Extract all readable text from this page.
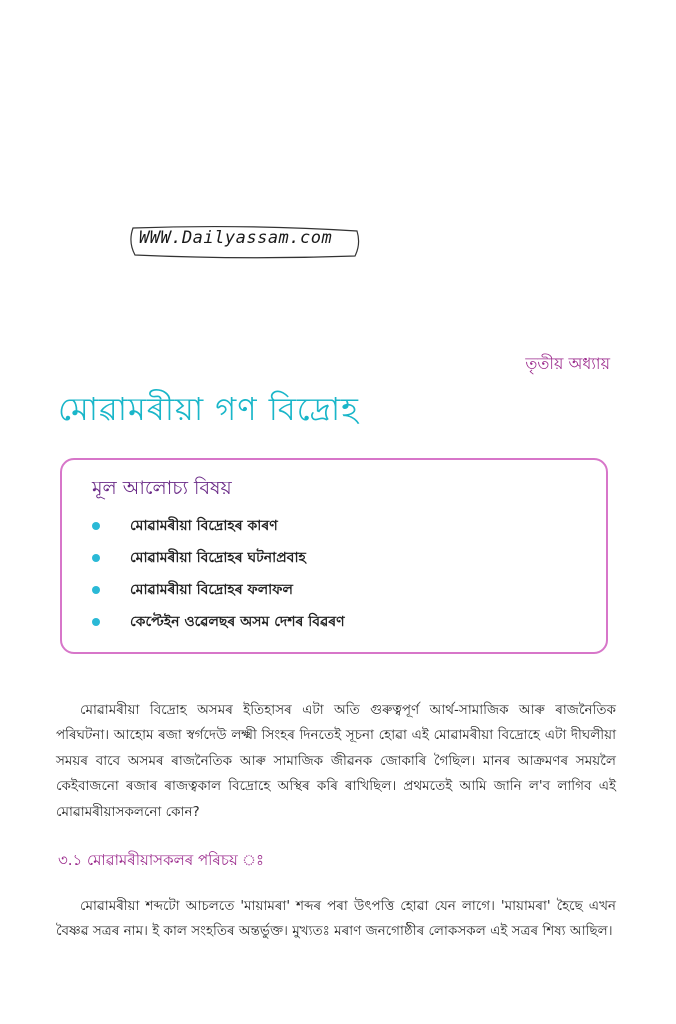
WWW.Dailyassam.com
তৃতীয় অধ্যায়
মোৱামৰীয়া গণ বিদ্ৰোহ
মূল আলোচ্য বিষয়
মোৱামৰীয়া বিদ্ৰোহৰ কাৰণ
মোৱামৰীয়া বিদ্ৰোহৰ ঘটনাপ্ৰবাহ
মোৱামৰীয়া বিদ্ৰোহৰ ফলাফল
কেপ্টেইন ওৱেলছৰ অসম দেশৰ বিৱৰণ

মোৱামৰীয়া বিদ্ৰোহ অসমৰ ইতিহাসৰ এটা অতি গুৰুত্বপূৰ্ণ আৰ্থ-সামাজিক আৰু ৰাজনৈতিক পৰিঘটনা। আহোম ৰজা স্বৰ্গদেউ লক্ষ্মী সিংহৰ দিনতেই সূচনা হোৱা এই মোৱামৰীয়া বিদ্ৰোহে এটা দীঘলীয়া সময়ৰ বাবে অসমৰ ৰাজনৈতিক আৰু সামাজিক জীৱনক জোকাৰি গৈছিল। মানৰ আক্ৰমণৰ সময়লৈ কেইবাজনো ৰজাৰ ৰাজত্বকাল বিদ্ৰোহে অস্থিৰ কৰি ৰাখিছিল। প্ৰথমতেই আমি জানি ল'ব লাগিব এই মোৱামৰীয়াসকলনো কোন?

৩.১ মোৱামৰীয়াসকলৰ পৰিচয় ঃ

মোৱামৰীয়া শব্দটো আচলতে 'মায়ামৰা' শব্দৰ পৰা উৎপত্তি হোৱা যেন লাগে। 'মায়ামৰা' হৈছে এখন বৈষ্ণৱ সত্ৰৰ নাম। ই কাল সংহতিৰ অন্তৰ্ভুক্ত। মুখ্যতঃ মৰাণ জনগোষ্ঠীৰ লোকসকল এই সত্ৰৰ শিষ্য আছিল।
